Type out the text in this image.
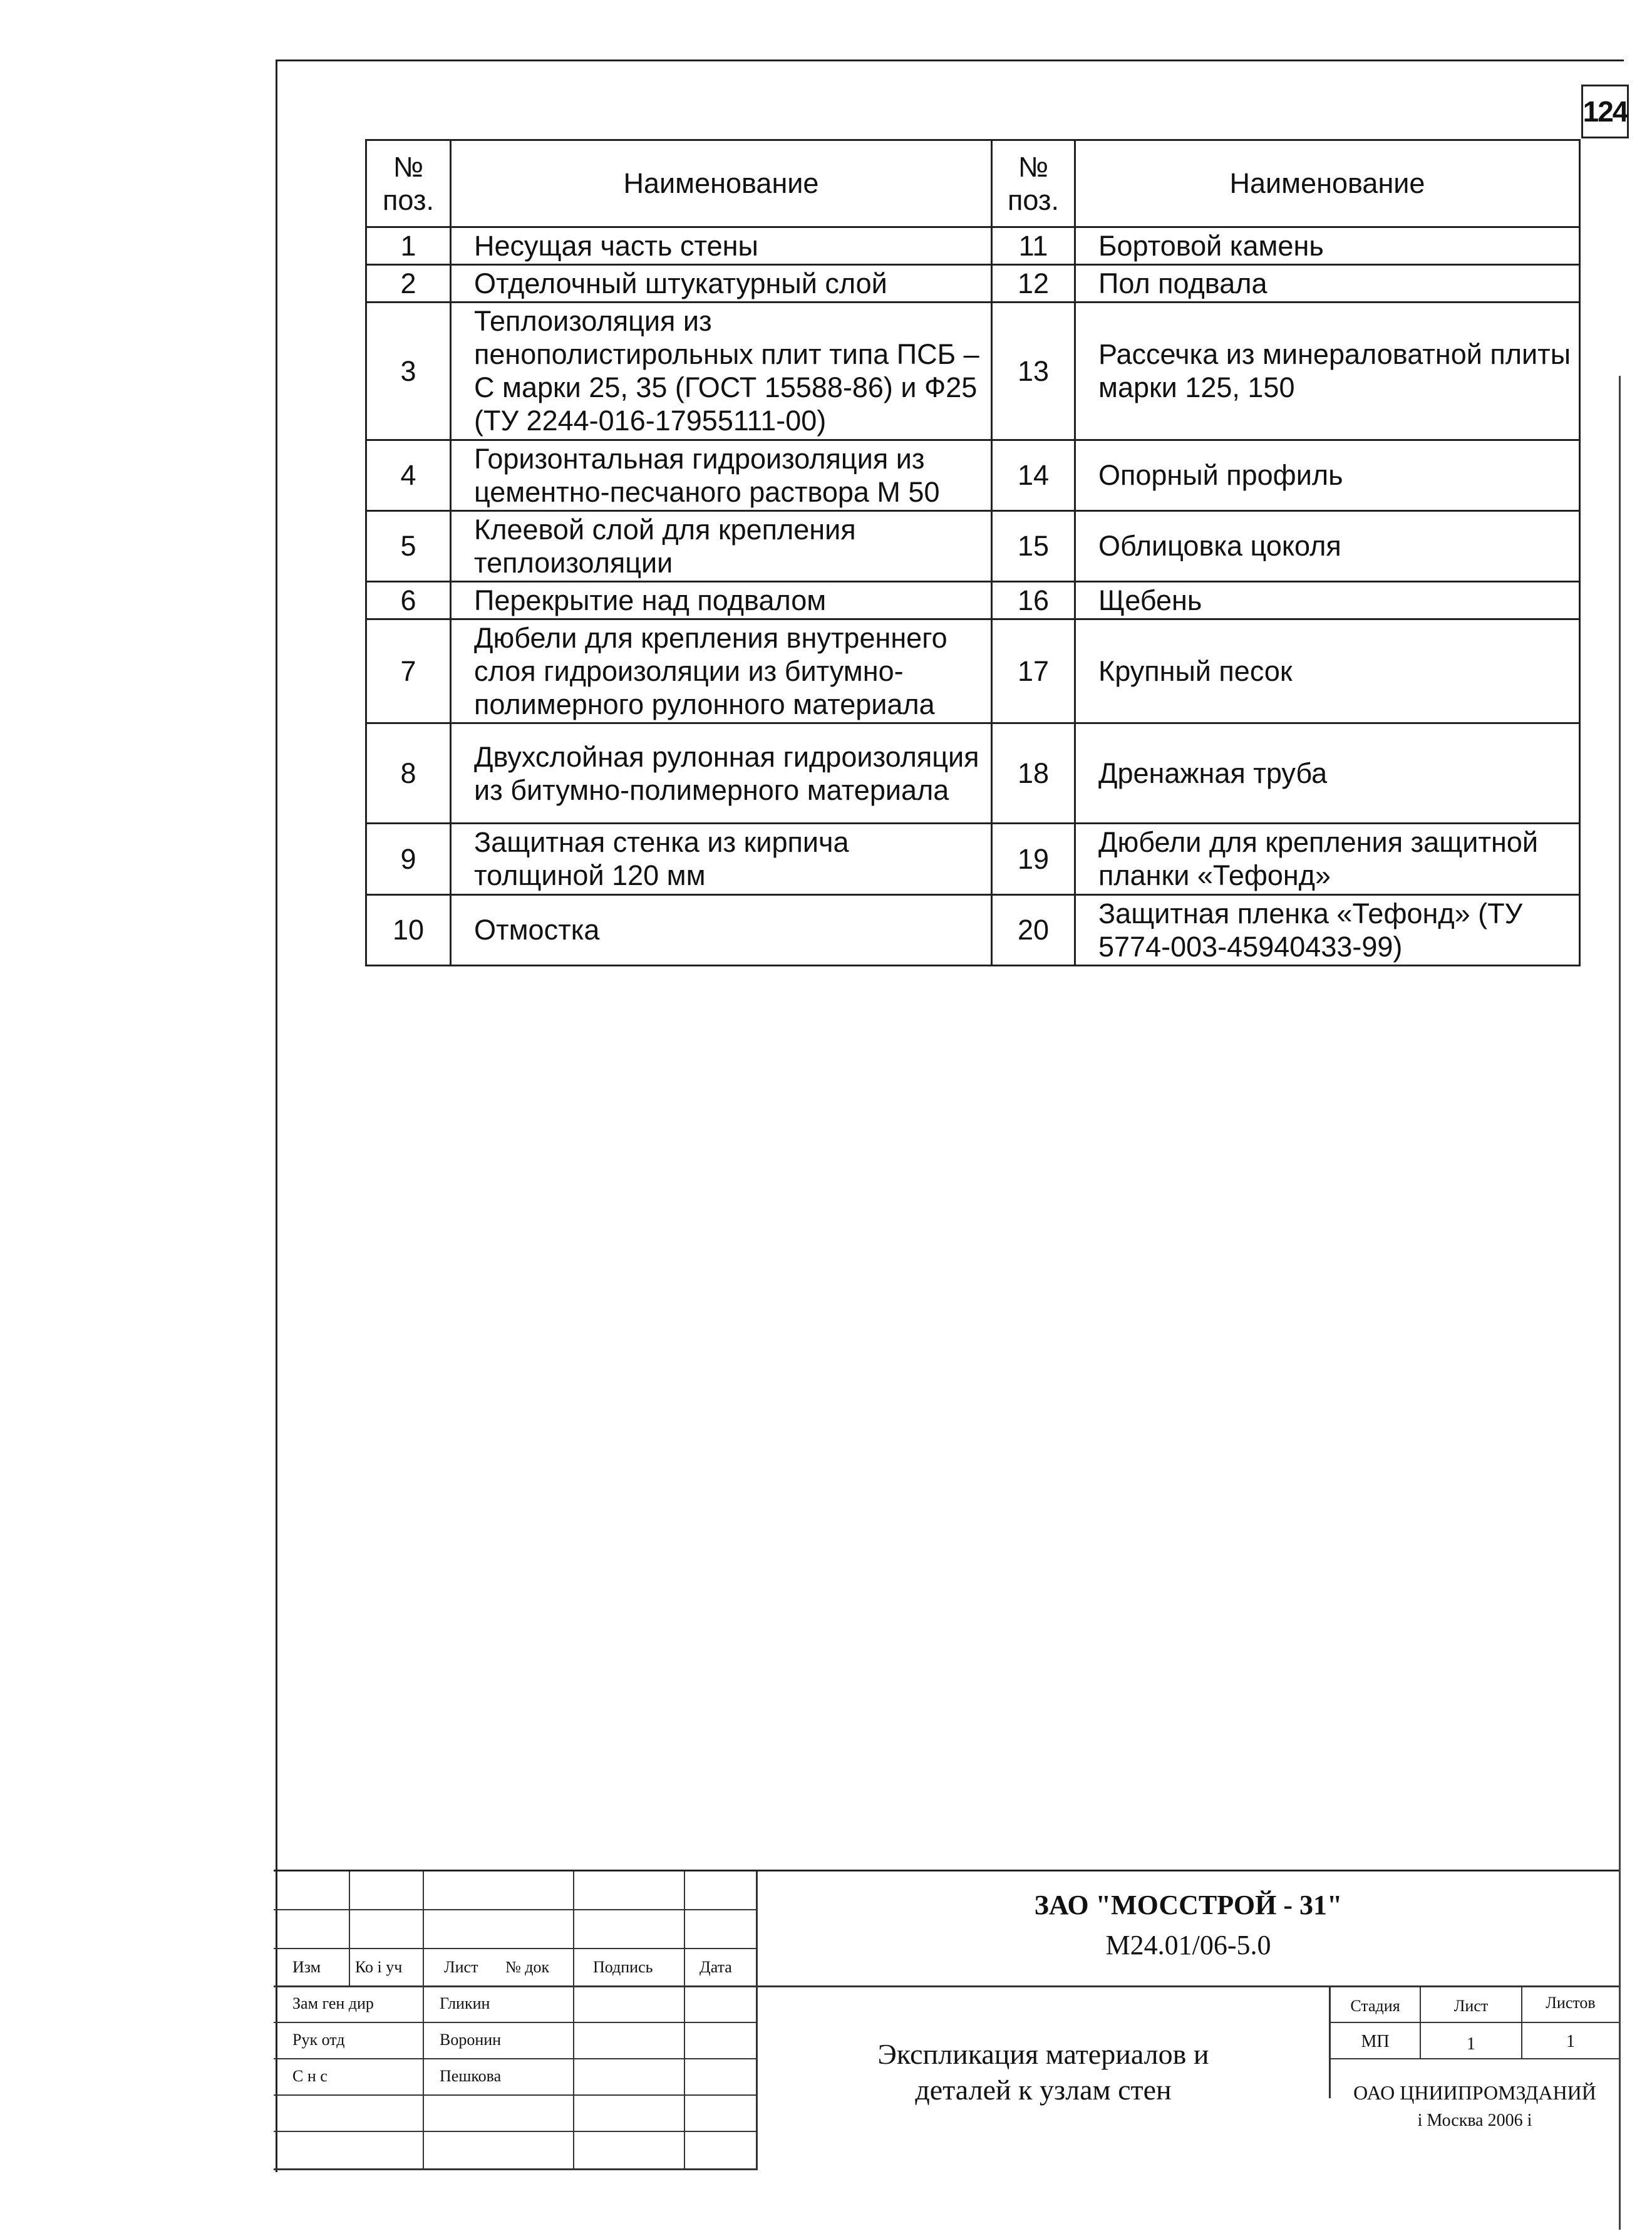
124
№ поз.	Наименование	№ поз.	Наименование
1	Несущая часть стены	11	Бортовой камень
2	Отделочный штукатурный слой	12	Пол подвала
3	Теплоизоляция из пенополистирольных плит типа ПСБ – С марки 25, 35 (ГОСТ 15588-86) и Ф25 (ТУ 2244-016-17955111-00)	13	Рассечка из минераловатной плиты марки 125, 150
4	Горизонтальная гидроизоляция из цементно-песчаного раствора М 50	14	Опорный профиль
5	Клеевой слой для крепления теплоизоляции	15	Облицовка цоколя
6	Перекрытие над подвалом	16	Щебень
7	Дюбели для крепления внутреннего слоя гидроизоляции из битумно-полимерного рулонного материала	17	Крупный песок
8	Двухслойная рулонная гидроизоляция из битумно-полимерного материала	18	Дренажная труба
9	Защитная стенка из кирпича толщиной 120 мм	19	Дюбели для крепления защитной планки «Тефонд»
10	Отмостка	20	Защитная пленка «Тефонд» (ТУ 5774-003-45940433-99)
Изм Ко і уч	Лист № док	Подпись	Дата
Зам ген дир	Гликин
Рук отд	Воронин
С н с	Пешкова
ЗАО "МОССТРОЙ - 31"
М24.01/06-5.0
Экспликация материалов и
деталей к узлам стен
Стадия	Лист	Листов
МП	1	1
ОАО ЦНИИПРОМЗДАНИЙ
і Москва 2006 і
